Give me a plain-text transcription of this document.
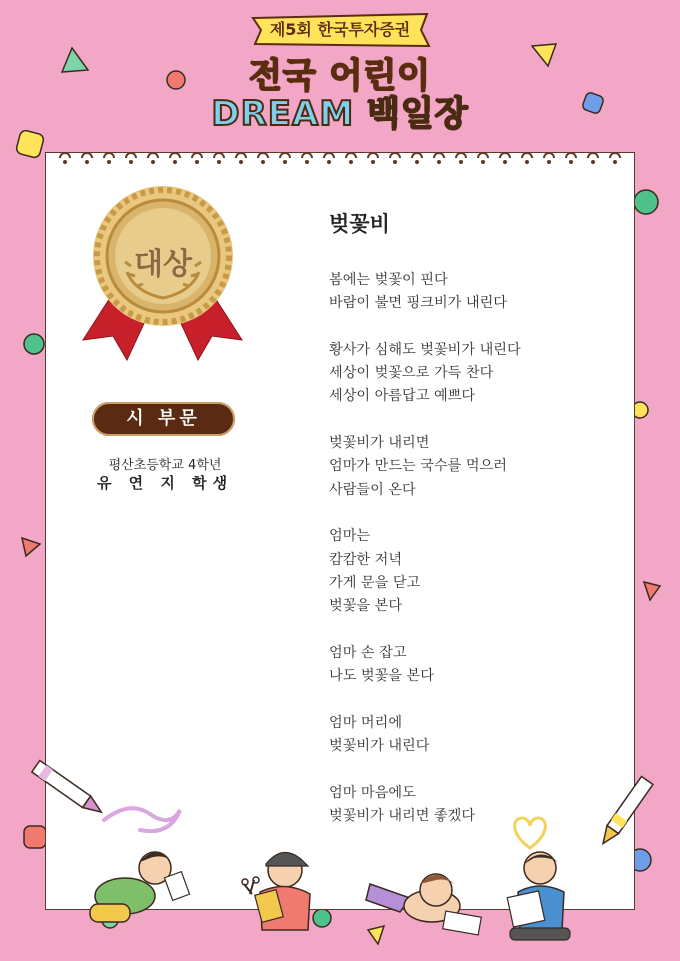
제5회 한국투자증권
전국 어린이
DREAM 백일장
대상
시 부문
평산초등학교 4학년
유 연 지 학생
벚꽃비
봄에는 벚꽃이 핀다
바람이 불면 핑크비가 내린다
황사가 심해도 벚꽃비가 내린다
세상이 벚꽃으로 가득 찬다
세상이 아름답고 예쁘다
벚꽃비가 내리면
엄마가 만드는 국수를 먹으러
사람들이 온다
엄마는
캄캄한 저녁
가게 문을 닫고
벚꽃을 본다
엄마 손 잡고
나도 벚꽃을 본다
엄마 머리에
벚꽃비가 내린다
엄마 마음에도
벚꽃비가 내리면 좋겠다
